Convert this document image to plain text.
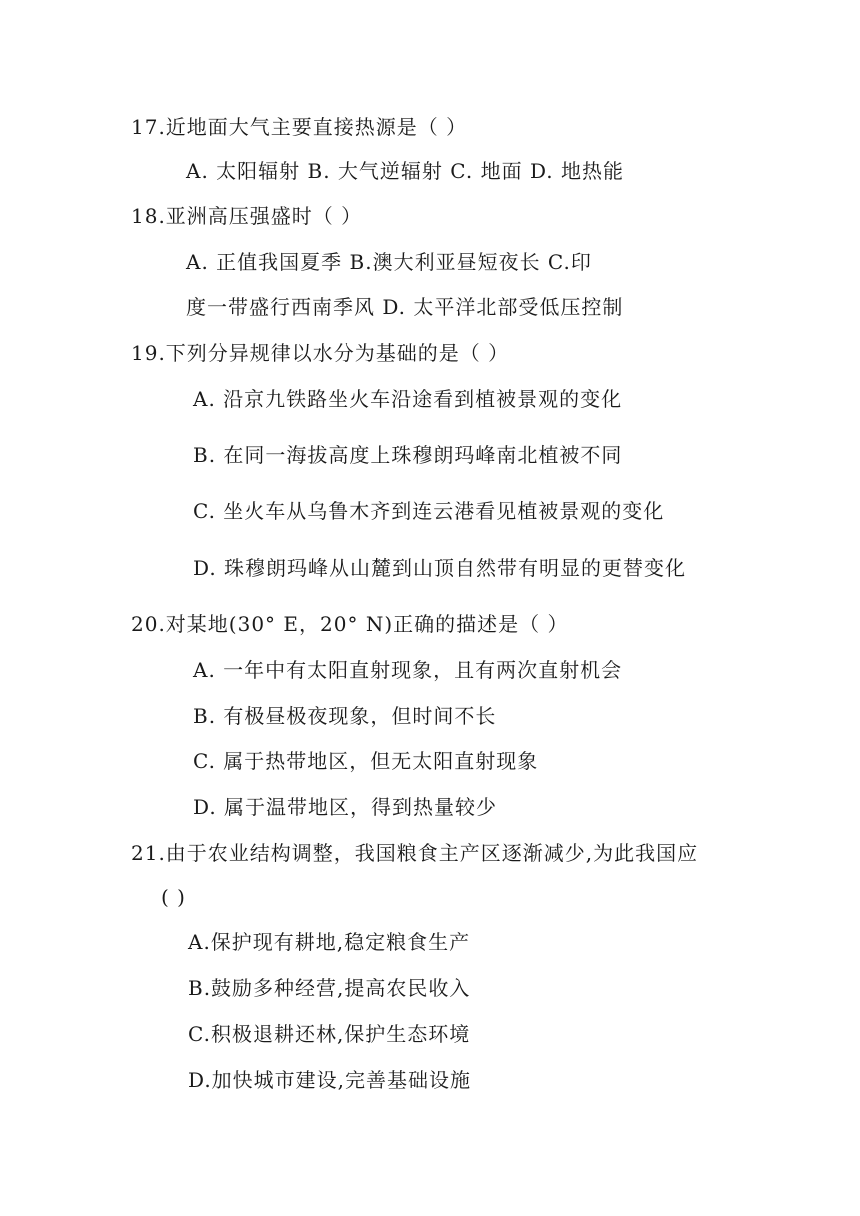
17.近地面大气主要直接热源是（ ）
A. 太阳辐射 B. 大气逆辐射 C. 地面 D. 地热能
18.亚洲高压强盛时（ ）
A. 正值我国夏季 B.澳大利亚昼短夜长 C.印
度一带盛行西南季风 D. 太平洋北部受低压控制
19.下列分异规律以水分为基础的是（ ）
A. 沿京九铁路坐火车沿途看到植被景观的变化
B. 在同一海拔高度上珠穆朗玛峰南北植被不同
C. 坐火车从乌鲁木齐到连云港看见植被景观的变化
D. 珠穆朗玛峰从山麓到山顶自然带有明显的更替变化
20.对某地(30° E，20° N)正确的描述是（ ）
A. 一年中有太阳直射现象，且有两次直射机会
B. 有极昼极夜现象，但时间不长
C. 属于热带地区，但无太阳直射现象
D. 属于温带地区，得到热量较少
21.由于农业结构调整，我国粮食主产区逐渐减少,为此我国应
( )
A.保护现有耕地,稳定粮食生产
B.鼓励多种经营,提高农民收入
C.积极退耕还林,保护生态环境
D.加快城市建设,完善基础设施
